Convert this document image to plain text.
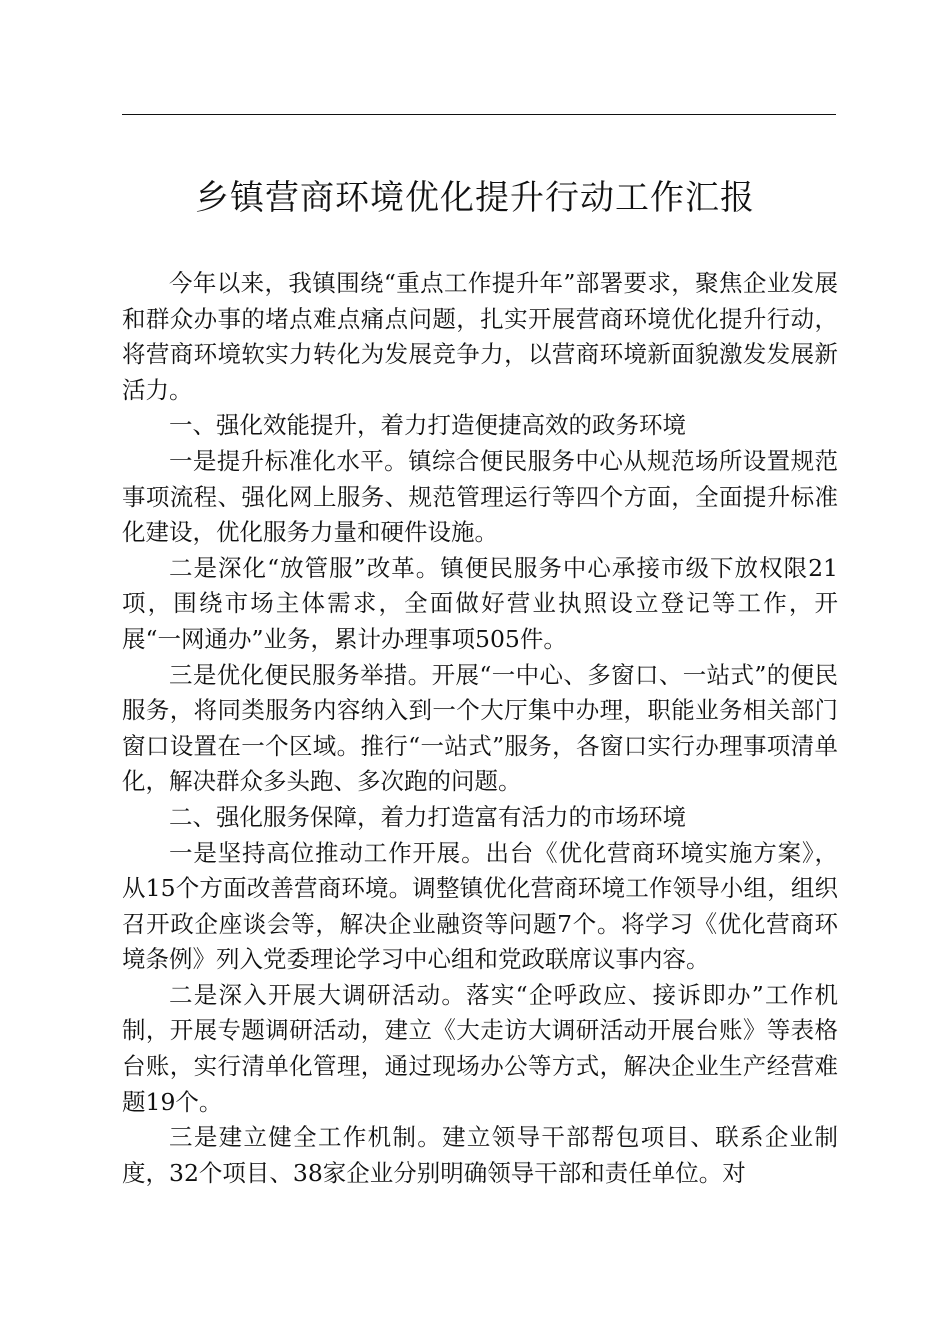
乡镇营商环境优化提升行动工作汇报

今年以来，我镇围绕“重点工作提升年”部署要求，聚焦企业发展和群众办事的堵点难点痛点问题，扎实开展营商环境优化提升行动，将营商环境软实力转化为发展竞争力，以营商环境新面貌激发发展新活力。

一、强化效能提升，着力打造便捷高效的政务环境

一是提升标准化水平。镇综合便民服务中心从规范场所设置规范事项流程、强化网上服务、规范管理运行等四个方面，全面提升标准化建设，优化服务力量和硬件设施。

二是深化“放管服”改革。镇便民服务中心承接市级下放权限21项，围绕市场主体需求，全面做好营业执照设立登记等工作，开展“一网通办”业务，累计办理事项505件。

三是优化便民服务举措。开展“一中心、多窗口、一站式”的便民服务，将同类服务内容纳入到一个大厅集中办理，职能业务相关部门窗口设置在一个区域。推行“一站式”服务，各窗口实行办理事项清单化，解决群众多头跑、多次跑的问题。

二、强化服务保障，着力打造富有活力的市场环境

一是坚持高位推动工作开展。出台《优化营商环境实施方案》，从15个方面改善营商环境。调整镇优化营商环境工作领导小组，组织召开政企座谈会等，解决企业融资等问题7个。将学习《优化营商环境条例》列入党委理论学习中心组和党政联席议事内容。

二是深入开展大调研活动。落实“企呼政应、接诉即办”工作机制，开展专题调研活动，建立《大走访大调研活动开展台账》等表格台账，实行清单化管理，通过现场办公等方式，解决企业生产经营难题19个。

三是建立健全工作机制。建立领导干部帮包项目、联系企业制度，32个项目、38家企业分别明确领导干部和责任单位。对
